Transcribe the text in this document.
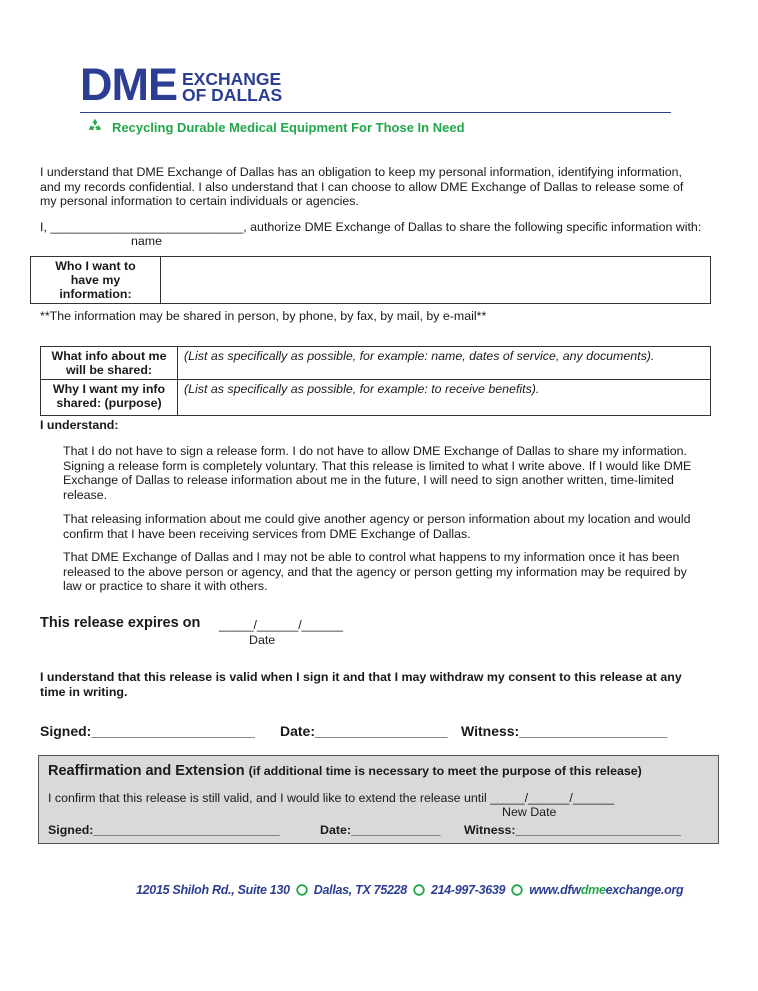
DME EXCHANGE
OF DALLAS
Recycling Durable Medical Equipment For Those In Need
I understand that DME Exchange of Dallas has an obligation to keep my personal information, identifying information,
and my records confidential. I also understand that I can choose to allow DME Exchange of Dallas to release some of
my personal information to certain individuals or agencies.
I, ____________________________, authorize DME Exchange of Dallas to share the following specific information with:
name
Who I want to
have my
information:

**The information may be shared in person, by phone, by fax, by mail, by e-mail**
What info about me
will be shared:	(List as specifically as possible, for example: name, dates of service, any documents).

Why I want my info
shared: (purpose)	(List as specifically as possible, for example: to receive benefits).
I understand:
That I do not have to sign a release form. I do not have to allow DME Exchange of Dallas to share my information.
Signing a release form is completely voluntary. That this release is limited to what I write above. If I would like DME
Exchange of Dallas to release information about me in the future, I will need to sign another written, time-limited
release.
That releasing information about me could give another agency or person information about my location and would
confirm that I have been receiving services from DME Exchange of Dallas.
That DME Exchange of Dallas and I may not be able to control what happens to my information once it has been
released to the above person or agency, and that the agency or person getting my information may be required by
law or practice to share it with others.
This release expires on _____/______/______
Date
I understand that this release is valid when I sign it and that I may withdraw my consent to this release at any
time in writing.
Signed:_____________________ Date:_________________ Witness:___________________
Reaffirmation and Extension (if additional time is necessary to meet the purpose of this release)
I confirm that this release is still valid, and I would like to extend the release until _____/______/______
New Date
Signed:___________________________	Date:_____________ Witness:________________________
12015 Shiloh Rd., Suite 130 Dallas, TX 75228 214-997-3639 www.dfwdmeexchange.org
